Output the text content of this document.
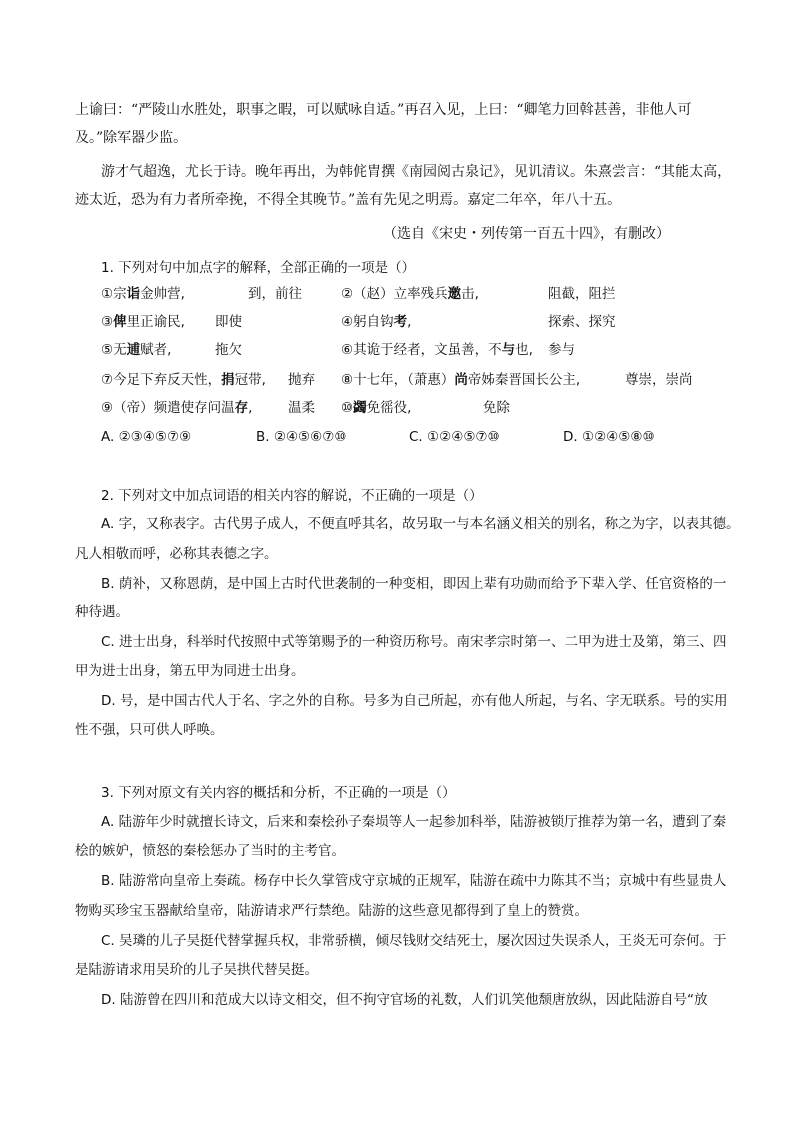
上谕曰：“严陵山水胜处，职事之暇，可以赋咏自适。”再召入见，上曰：“卿笔力回斡甚善，非他人可
及。”除军器少监。
游才气超逸，尤长于诗。晚年再出，为韩侂胄撰《南园阅古泉记》，见讥清议。朱熹尝言：“其能太高，
迹太近，恐为有力者所牵挽，不得全其晚节。”盖有先见之明焉。嘉定二年卒，年八十五。
（选自《宋史・列传第一百五十四》，有删改）
1. 下列对句中加点字的解释，全部正确的一项是（）
①宗诣金帅营,	到，前往	②（赵）立率残兵邀击,	阻截，阻拦
③俾里正谕民, 即使	④躬自钩考,	探索、探究
⑤无逋赋者,	拖欠	⑥其诡于经者，文虽善，不与也, 参与
⑦今足下弃反天性，捐冠带, 抛弃 ⑧十七年，（萧惠）尚帝姊秦晋国长公主,	尊崇，崇尚
⑨（帝）频遣使存问温存,	温柔 ⑩蠲免徭役,	免除
A. ②③④⑤⑦⑨	B. ②④⑤⑥⑦⑩	C. ①②④⑤⑦⑩	D. ①②④⑤⑧⑩
2. 下列对文中加点词语的相关内容的解说，不正确的一项是（）
A. 字，又称表字。古代男子成人，不便直呼其名，故另取一与本名涵义相关的别名，称之为字，以表其德。
凡人相敬而呼，必称其表德之字。
B. 荫补，又称恩荫，是中国上古时代世袭制的一种变相，即因上辈有功勋而给予下辈入学、任官资格的一
种待遇。
C. 进士出身，科举时代按照中式等第赐予的一种资历称号。南宋孝宗时第一、二甲为进士及第，第三、四
甲为进士出身，第五甲为同进士出身。
D. 号，是中国古代人于名、字之外的自称。号多为自己所起，亦有他人所起，与名、字无联系。号的实用
性不强，只可供人呼唤。
3. 下列对原文有关内容的概括和分析，不正确的一项是（）
A. 陆游年少时就擅长诗文，后来和秦桧孙子秦埙等人一起参加科举，陆游被锁厅推荐为第一名，遭到了秦
桧的嫉妒，愤怒的秦桧惩办了当时的主考官。
B. 陆游常向皇帝上奏疏。杨存中长久掌管戍守京城的正规军，陆游在疏中力陈其不当；京城中有些显贵人
物购买珍宝玉器献给皇帝，陆游请求严行禁绝。陆游的这些意见都得到了皇上的赞赏。
C. 吴璘的儿子吴挺代替掌握兵权，非常骄横，倾尽钱财交结死士，屡次因过失误杀人，王炎无可奈何。于
是陆游请求用吴玠的儿子吴拱代替吴挺。
D. 陆游曾在四川和范成大以诗文相交，但不拘守官场的礼数，人们讥笑他颓唐放纵，因此陆游自号“放
